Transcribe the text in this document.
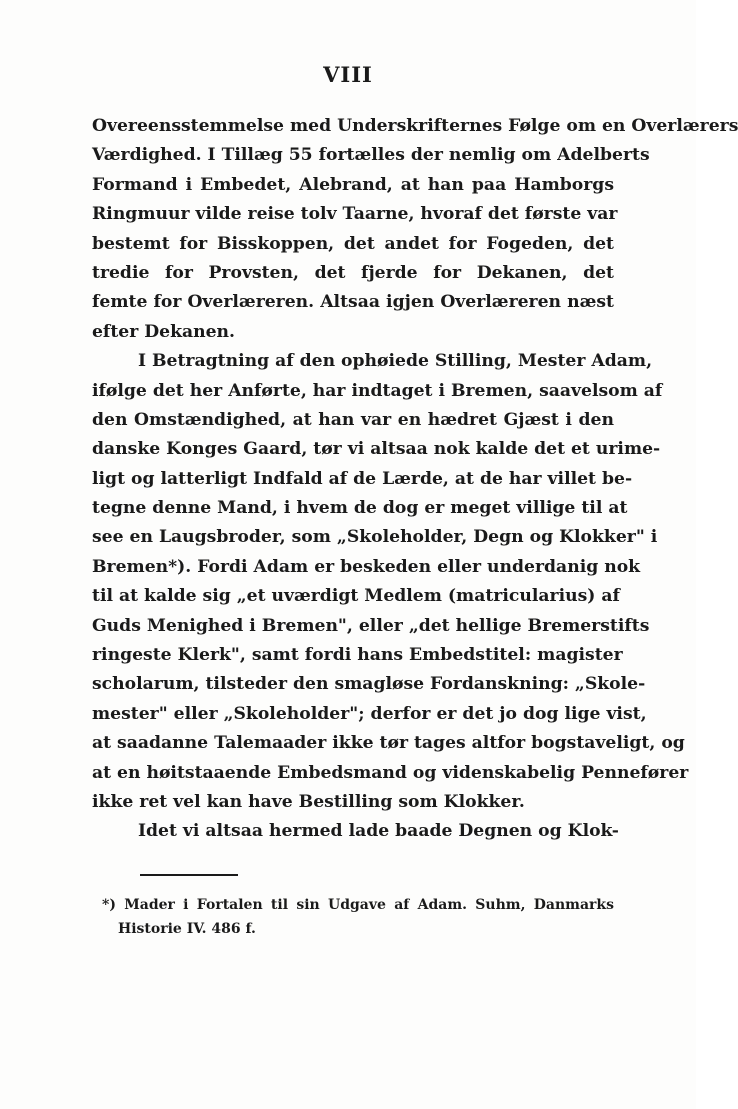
VIII
Overeensstemmelse med Underskrifternes Følge om en Overlærers
Værdighed. I Tillæg 55 fortælles der nemlig om Adelberts
Formand i Embedet, Alebrand, at han paa Hamborgs
Ringmuur vilde reise tolv Taarne, hvoraf det første var
bestemt for Bisskoppen, det andet for Fogeden, det
tredie for Provsten, det fjerde for Dekanen, det
femte for Overlæreren. Altsaa igjen Overlæreren næst
efter Dekanen.
I Betragtning af den ophøiede Stilling, Mester Adam,
ifølge det her Anførte, har indtaget i Bremen, saavelsom af
den Omstændighed, at han var en hædret Gjæst i den
danske Konges Gaard, tør vi altsaa nok kalde det et urime-
ligt og latterligt Indfald af de Lærde, at de har villet be-
tegne denne Mand, i hvem de dog er meget villige til at
see en Laugsbroder, som „Skoleholder, Degn og Klokker" i
Bremen*). Fordi Adam er beskeden eller underdanig nok
til at kalde sig „et uværdigt Medlem (matricularius) af
Guds Menighed i Bremen", eller „det hellige Bremerstifts
ringeste Klerk", samt fordi hans Embedstitel: magister
scholarum, tilsteder den smagløse Fordanskning: „Skole-
mester" eller „Skoleholder"; derfor er det jo dog lige vist,
at saadanne Talemaader ikke tør tages altfor bogstaveligt, og
at en høitstaaende Embedsmand og videnskabelig Pennefører
ikke ret vel kan have Bestilling som Klokker.
Idet vi altsaa hermed lade baade Degnen og Klok-
*) Mader i Fortalen til sin Udgave af Adam. Suhm, Danmarks
Historie IV. 486 f.
